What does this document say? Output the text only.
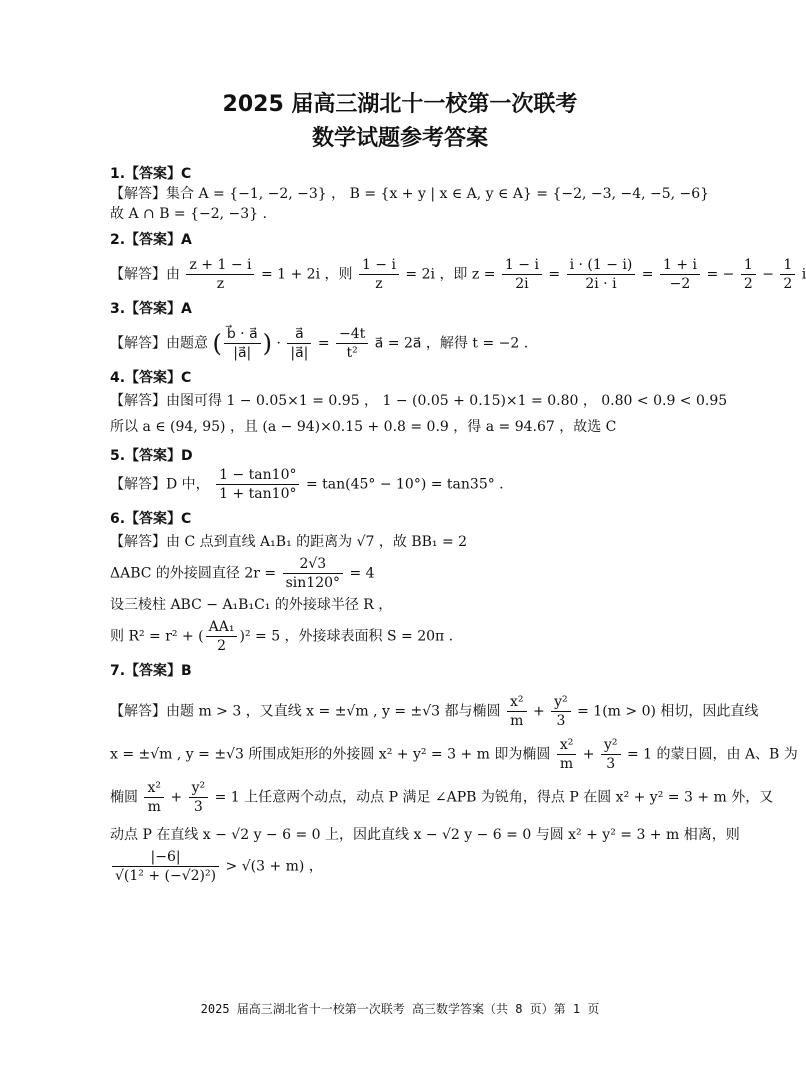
2025 届高三湖北十一校第一次联考
数学试题参考答案
1.【答案】C
【解答】集合 A = {−1, −2, −3} ， B = {x + y | x ∈ A, y ∈ A} = {−2, −3, −4, −5, −6}
故 A ∩ B = {−2, −3} .
2.【答案】A
【解答】由 $\frac{z + 1 - i}{z} = 1 + 2i$ ，则 $\frac{1 - i}{z} = 2i$ ，即 $z = \frac{1 - i}{2i} = \frac{i \cdot (1 - i)}{2i \cdot i} = \frac{1 + i}{-2}$ = − $\frac{1}{2} - \frac{1}{2}$ i
3.【答案】A
【解答】由题意 ( $\frac{b⃗ \cdot a⃗}{|a⃗|}$ ) · $\frac{a⃗}{|a⃗|} = \frac{-4t}{\text{t²}}$ a⃗ = 2a⃗ ，解得 t = −2 .
4.【答案】C
【解答】由图可得 1 − 0.05×1 = 0.95 ， 1 − (0.05 + 0.15)×1 = 0.80 ， 0.80 < 0.9 < 0.95
所以 a ∈ (94, 95) ，且 (a − 94)×0.15 + 0.8 = 0.9 ，得 a = 94.67 ，故选 C
5.【答案】D
【解答】D 中， $\frac{1 - \tan 10^\circ}{1 + \tan 10^\circ} = \tan(45^\circ - 10^\circ) = \tan 35^\circ$ .
6.【答案】C
【解答】由 C 点到直线 A₁B₁ 的距离为 √7 ，故 BB₁ = 2
ΔABC 的外接圆直径 $2r = \frac{2√3}{\sin 120^\circ} = 4$
设三棱柱 ABC − A₁B₁C₁ 的外接球半径 R ，
则 R² = r² + ( $\frac{\text{AA₁}}{2} )^2 = 5$ ，外接球表面积 S = 20π .
7.【答案】B
【解答】由题 m > 3 ，又直线 x = ±√m , y = ±√3 都与椭圆 $\frac{\text{x²}}{m} + \frac{\text{y²}}{3} = 1(m > 0)$ 相切，因此直线
x = ±√m , y = ±√3 所围成矩形的外接圆 x² + y² = 3 + m 即为椭圆 $\frac{\text{x²}}{m} + \frac{\text{y²}}{3} = 1$ 的蒙日圆，由 A、B 为
椭圆 $\frac{\text{x²}}{m} + \frac{\text{y²}}{3} = 1$ 上任意两个动点，动点 P 满足 ∠APB 为锐角，得点 P 在圆 x² + y² = 3 + m 外，又
动点 P 在直线 x − √2 y − 6 = 0 上，因此直线 x − √2 y − 6 = 0 与圆 x² + y² = 3 + m 相离，则
$\frac{|-6|}{\text{√(1² + (−√2)²)}} > √(3 + m)$ ，
2025 届高三湖北省十一校第一次联考 高三数学答案（共 8 页）第 1 页
